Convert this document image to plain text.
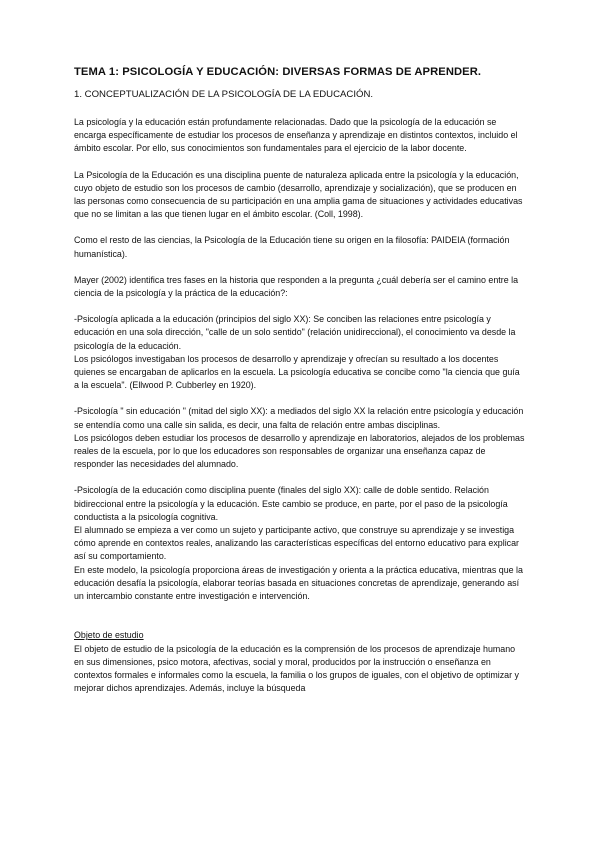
TEMA 1: PSICOLOGÍA Y EDUCACIÓN: DIVERSAS FORMAS DE APRENDER.
1. CONCEPTUALIZACIÓN DE LA PSICOLOGÍA DE LA EDUCACIÓN.

La psicología y la educación están profundamente relacionadas. Dado que la psicología de la educación se encarga específicamente de estudiar los procesos de enseñanza y aprendizaje en distintos contextos, incluido el ámbito escolar. Por ello, sus conocimientos son fundamentales para el ejercicio de la labor docente.

La Psicología de la Educación es una disciplina puente de naturaleza aplicada entre la psicología y la educación, cuyo objeto de estudio son los procesos de cambio (desarrollo, aprendizaje y socialización), que se producen en las personas como consecuencia de su participación en una amplia gama de situaciones y actividades educativas que no se limitan a las que tienen lugar en el ámbito escolar. (Coll, 1998).

Como el resto de las ciencias, la Psicología de la Educación tiene su origen en la filosofía: PAIDEIA (formación humanística).

Mayer (2002) identifica tres fases en la historia que responden a la pregunta ¿cuál debería ser el camino entre la ciencia de la psicología y la práctica de la educación?:

-Psicología aplicada a la educación (principios del siglo XX): Se conciben las relaciones entre psicología y educación en una sola dirección, "calle de un solo sentido" (relación unidireccional), el conocimiento va desde la psicología de la educación.

Los psicólogos investigaban los procesos de desarrollo y aprendizaje y ofrecían su resultado a los docentes quienes se encargaban de aplicarlos en la escuela. La psicología educativa se concibe como "la ciencia que guía a la escuela". (Ellwood P. Cubberley en 1920).

-Psicología " sin educación " (mitad del siglo XX): a mediados del siglo XX la relación entre psicología y educación se entendía como una calle sin salida, es decir, una falta de relación entre ambas disciplinas.

Los psicólogos deben estudiar los procesos de desarrollo y aprendizaje en laboratorios, alejados de los problemas reales de la escuela, por lo que los educadores son responsables de organizar una enseñanza capaz de responder las necesidades del alumnado.

-Psicología de la educación como disciplina puente (finales del siglo XX): calle de doble sentido. Relación bidireccional entre la psicología y la educación. Este cambio se produce, en parte, por el paso de la psicología conductista a la psicología cognitiva.

El alumnado se empieza a ver como un sujeto y participante activo, que construye su aprendizaje y se investiga cómo aprende en contextos reales, analizando las características específicas del entorno educativo para explicar así su comportamiento.

En este modelo, la psicología proporciona áreas de investigación y orienta a la práctica educativa, mientras que la educación desafía la psicología, elaborar teorías basada en situaciones concretas de aprendizaje, generando así un intercambio constante entre investigación e intervención.

Objeto de estudio

El objeto de estudio de la psicología de la educación es la comprensión de los procesos de aprendizaje humano en sus dimensiones, psico motora, afectivas, social y moral, producidos por la instrucción o enseñanza en contextos formales e informales como la escuela, la familia o los grupos de iguales, con el objetivo de optimizar y mejorar dichos aprendizajes. Además, incluye la búsqueda
